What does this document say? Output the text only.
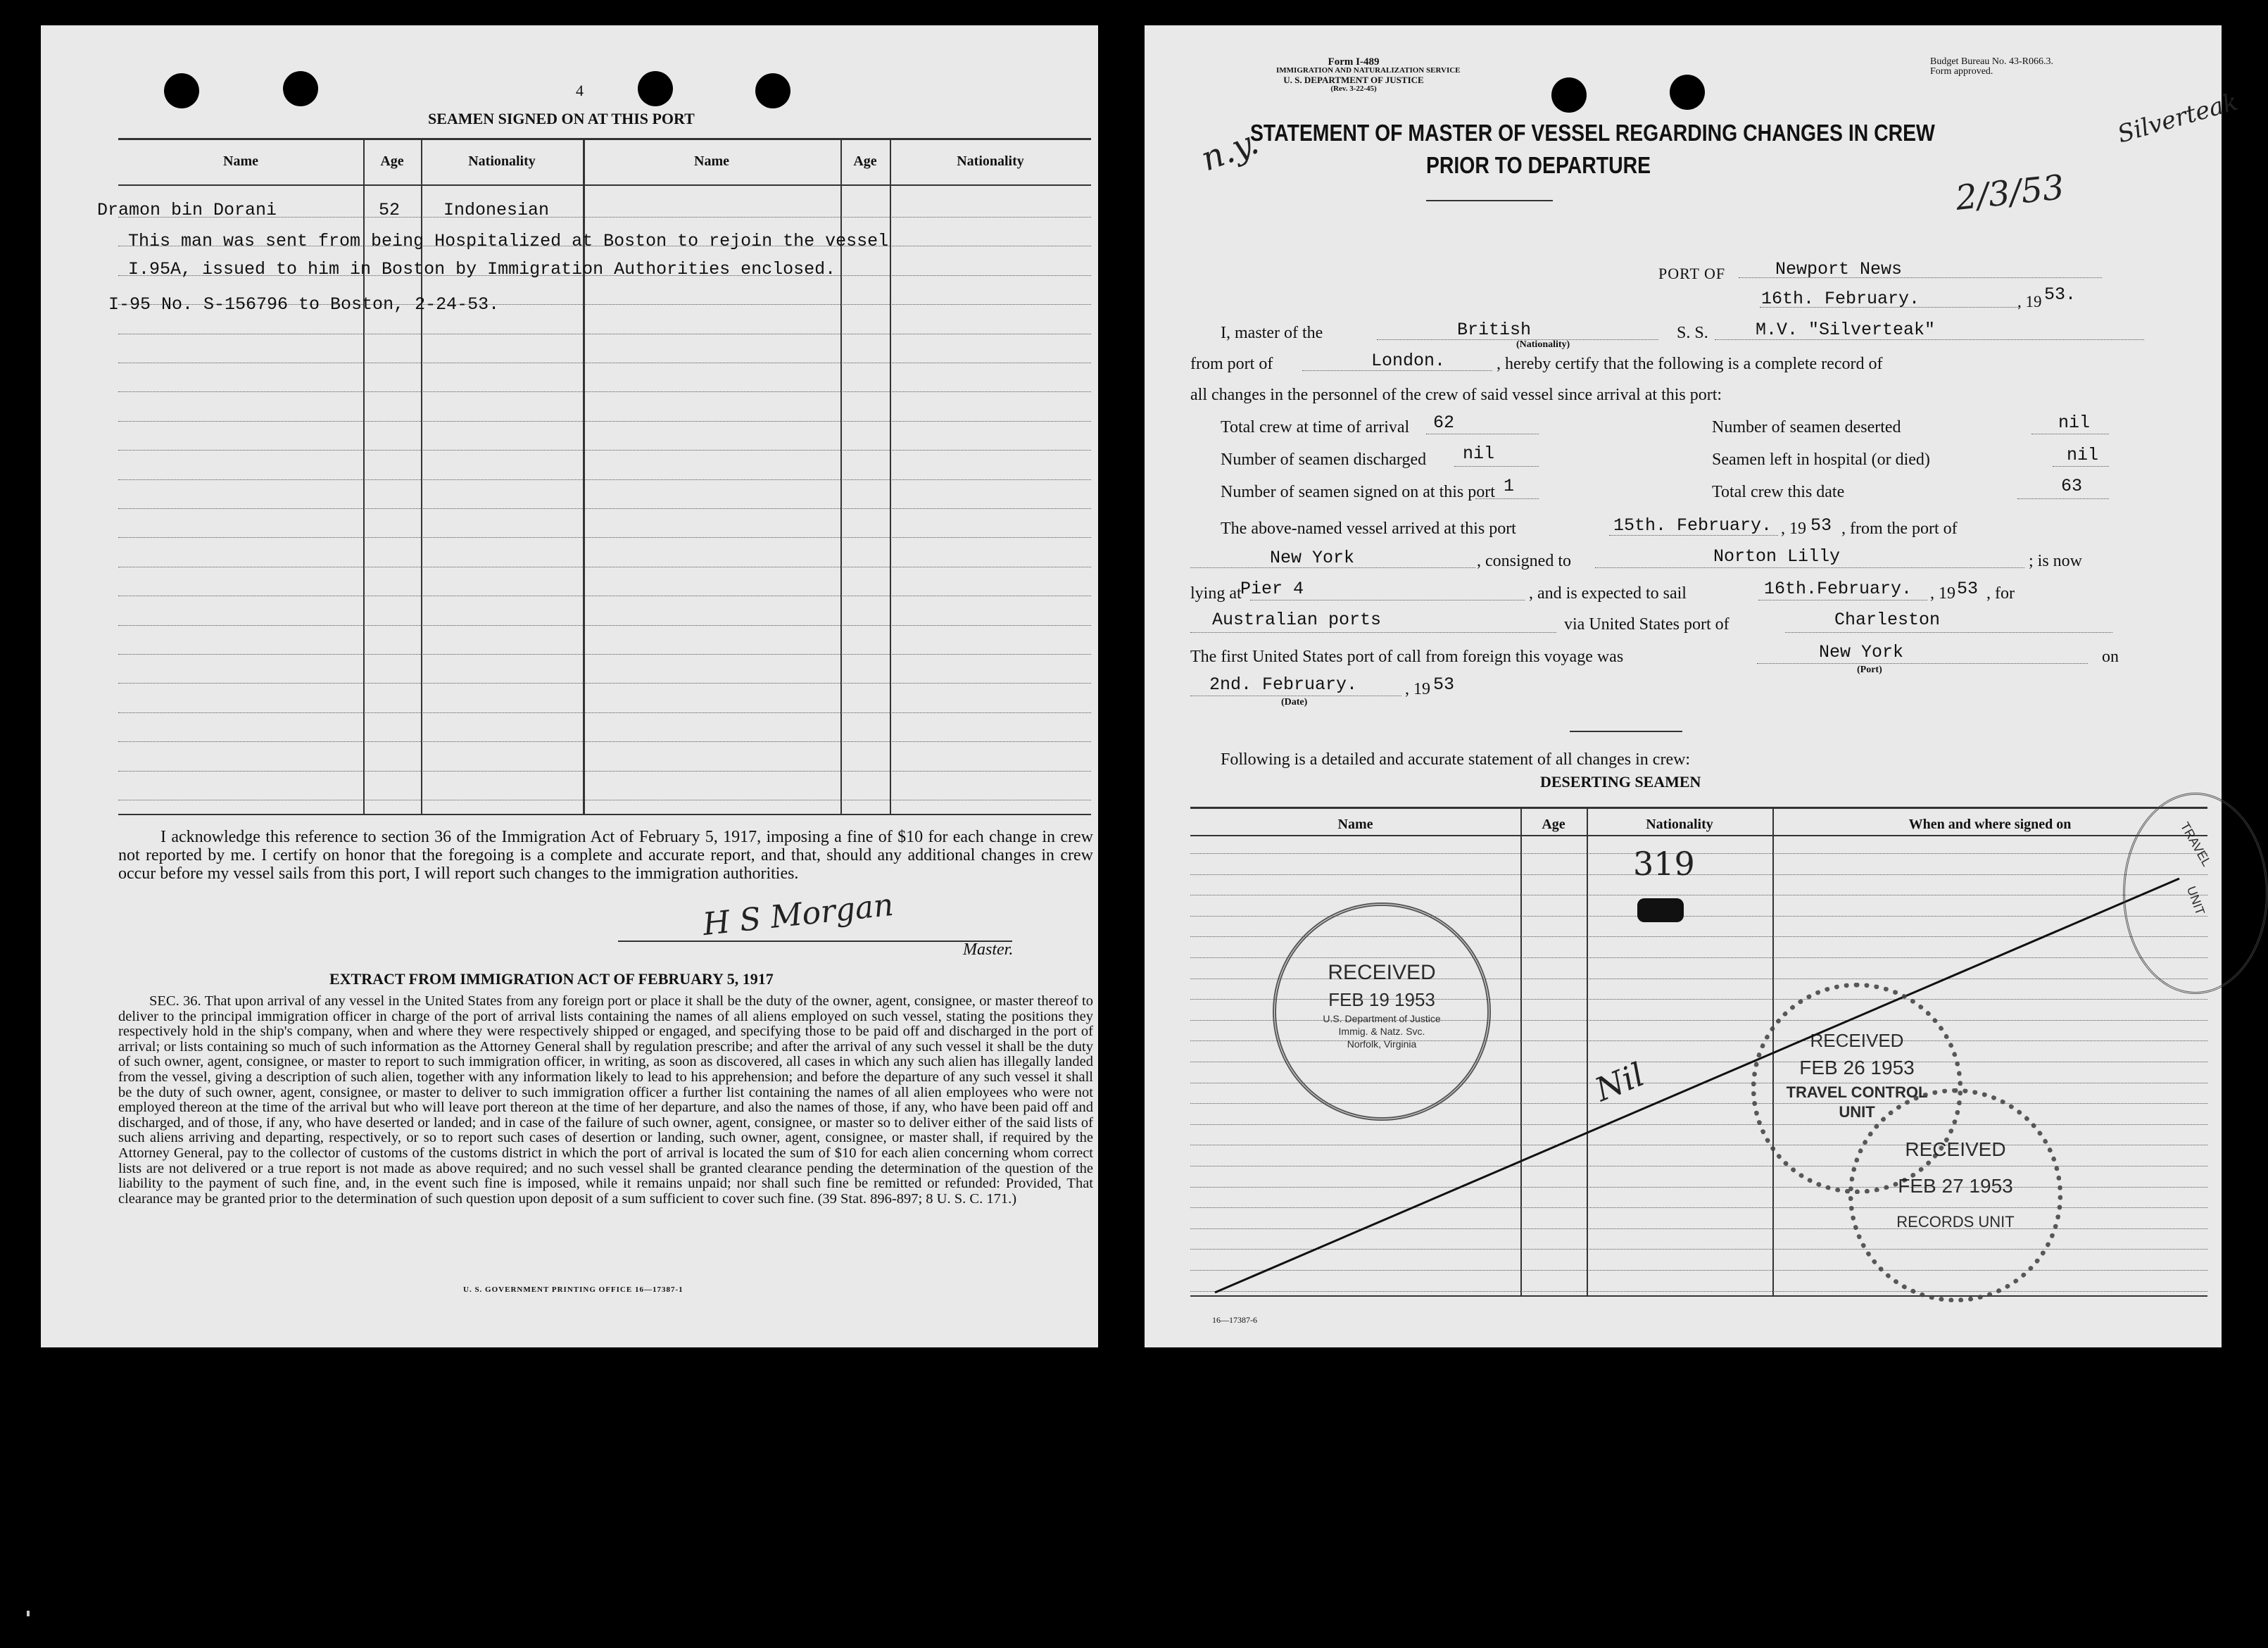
4
SEAMEN SIGNED ON AT THIS PORT
Name	Age	Nationality	Name	Age	Nationality
Dramon bin Dorani	52 Indonesian
This man was sent from being Hospitalized at Boston to rejoin the vessel
I.95A, issued to him in Boston by Immigration Authorities enclosed.
I-95 No. S-156796 to Boston, 2-24-53.
I acknowledge this reference to section 36 of the Immigration Act of February 5, 1917, imposing a fine of $10 for each change in crew not reported by me. I certify on honor that the foregoing is a complete and accurate report, and that, should any additional changes in crew occur before my vessel sails from this port, I will report such changes to the immigration authorities.
H S Morgan
Master.
EXTRACT FROM IMMIGRATION ACT OF FEBRUARY 5, 1917
SEC. 36. That upon arrival of any vessel in the United States from any foreign port or place it shall be the duty of the owner, agent, consignee, or master thereof to deliver to the principal immigration officer in charge of the port of arrival lists containing the names of all aliens employed on such vessel, stating the positions they respectively hold in the ship's company, when and where they were respectively shipped or engaged, and specifying those to be paid off and discharged in the port of arrival; or lists containing so much of such information as the Attorney General shall by regulation prescribe; and after the arrival of any such vessel it shall be the duty of such owner, agent, consignee, or master to report to such immigration officer, in writing, as soon as discovered, all cases in which any such alien has illegally landed from the vessel, giving a description of such alien, together with any information likely to lead to his apprehension; and before the departure of any such vessel it shall be the duty of such owner, agent, consignee, or master to deliver to such immigration officer a further list containing the names of all alien employees who were not employed thereon at the time of the arrival but who will leave port thereon at the time of her departure, and also the names of those, if any, who have been paid off and discharged, and of those, if any, who have deserted or landed; and in case of the failure of such owner, agent, consignee, or master so to deliver either of the said lists of such aliens arriving and departing, respectively, or so to report such cases of desertion or landing, such owner, agent, consignee, or master shall, if required by the Attorney General, pay to the collector of customs of the customs district in which the port of arrival is located the sum of $10 for each alien concerning whom correct lists are not delivered or a true report is not made as above required; and no such vessel shall be granted clearance pending the determination of the question of the liability to the payment of such fine, and, in the event such fine is imposed, while it remains unpaid; nor shall such fine be remitted or refunded: Provided, That clearance may be granted prior to the determination of such question upon deposit of a sum sufficient to cover such fine. (39 Stat. 896-897; 8 U. S. C. 171.)
U. S. GOVERNMENT PRINTING OFFICE 16—17387-1
Form I-489
IMMIGRATION AND NATURALIZATION SERVICE
U. S. DEPARTMENT OF JUSTICE
(Rev. 3-22-45)
Budget Bureau No. 43-R066.3.
Form approved.
n.y.
Silverteak
2/3/53
STATEMENT OF MASTER OF VESSEL REGARDING CHANGES IN CREW
PRIOR TO DEPARTURE
PORT OF	Newport News
16th. February.	, 19 53.
I, master of the	British
(Nationality)
S. S.	M.V. "Silverteak"
from port of	London.	, hereby certify that the following is a complete record of
all changes in the personnel of the crew of said vessel since arrival at this port:
Total crew at time of arrival 62	Number of seamen deserted	nil
Number of seamen discharged nil	Seamen left in hospital (or died)	nil
Number of seamen signed on at this port 1	Total crew this date	63
The above-named vessel arrived at this port	15th. February. , 19 53 , from the port of
New York	, consigned to	Norton Lilly	; is now
lying at
Pier 4	, and is expected to sail	16th.February. , 19 53 , for
Australian ports	via United States port of	Charleston
The first United States port of call from foreign this voyage was	New York
(Port)
on
2nd. February.	, 19 53
(Date)
Following is a detailed and accurate statement of all changes in crew:
DESERTING SEAMEN
Name	Age	Nationality	When and where signed on
319
Nil
RECEIVED
FEB 19 1953
U.S. Department of Justice
Immig. & Natz. Svc.
Norfolk, Virginia	RECEIVED
FEB 26 1953
TRAVEL CONTROL
UNIT
RECEIVED
FEB 27 1953
RECORDS UNIT
TRAVEL
UNIT
16—17387-6
